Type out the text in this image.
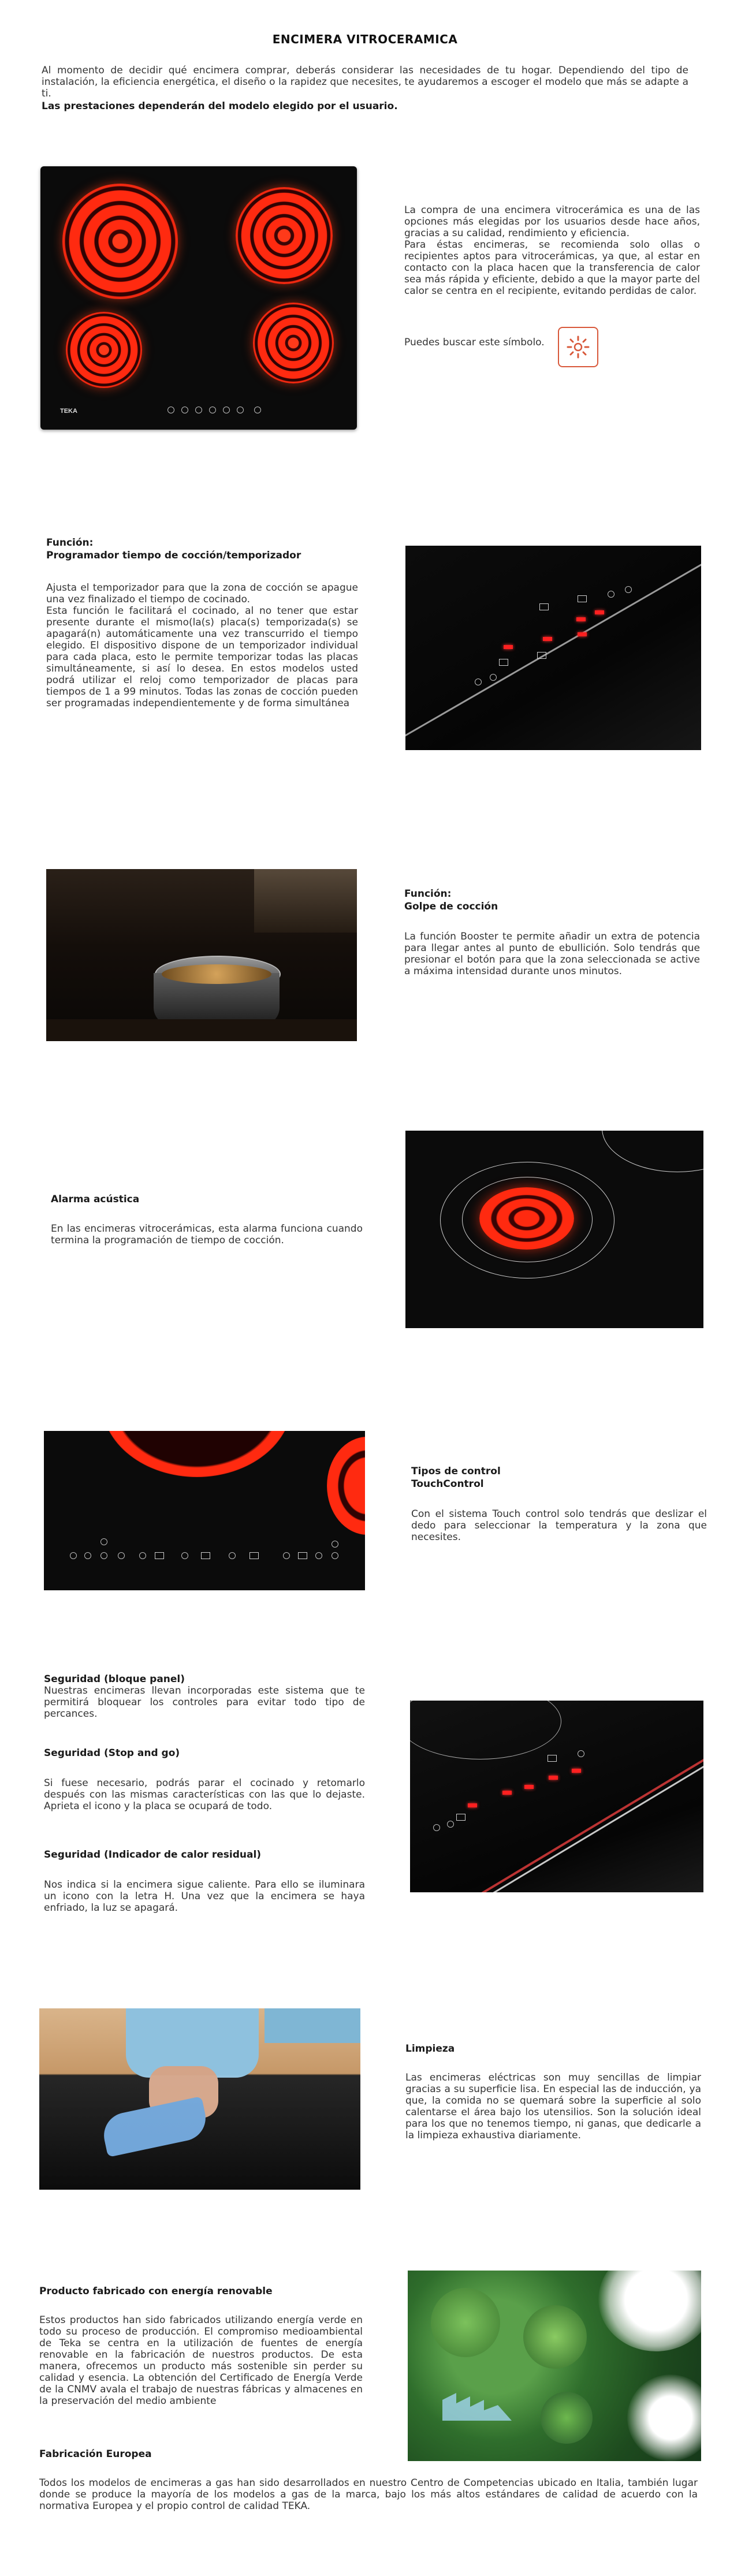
ENCIMERA VITROCERAMICA
Al momento de decidir qué encimera comprar, deberás considerar las necesidades de tu hogar. Dependiendo del tipo de instalación, la eficiencia energética, el diseño o la rapidez que necesites, te ayudaremos a escoger el modelo que más se adapte a ti.
Las prestaciones dependerán del modelo elegido por el usuario.
TEKA
La compra de una encimera vitrocerámica es una de las opciones más elegidas por los usuarios desde hace años, gracias a su calidad, rendimiento y eficiencia.
Para éstas encimeras, se recomienda solo ollas o recipientes aptos para vitrocerámicas, ya que, al estar en contacto con la placa hacen que la transferencia de calor sea más rápida y eficiente, debido a que la mayor parte del calor se centra en el recipiente, evitando perdidas de calor.
Puedes buscar este símbolo.
Función:
Programador tiempo de cocción/temporizador
Ajusta el temporizador para que la zona de cocción se apague una vez finalizado el tiempo de cocinado.
Esta función le facilitará el cocinado, al no tener que estar presente durante el mismo(la(s) placa(s) temporizada(s) se apagará(n) automáticamente una vez transcurrido el tiempo elegido. El dispositivo dispone de un temporizador individual para cada placa, esto le permite temporizar todas las placas simultáneamente, si así lo desea. En estos modelos usted podrá utilizar el reloj como temporizador de placas para tiempos de 1 a 99 minutos. Todas las zonas de cocción pueden ser programadas independientemente y de forma simultánea
Función:
Golpe de cocción
La función Booster te permite añadir un extra de potencia para llegar antes al punto de ebullición. Solo tendrás que presionar el botón para que la zona seleccionada se active a máxima intensidad durante unos minutos.
Alarma acústica
En las encimeras vitrocerámicas, esta alarma funciona cuando termina la programación de tiempo de cocción.
Tipos de control
TouchControl
Con el sistema Touch control solo tendrás que deslizar el dedo para seleccionar la temperatura y la zona que necesites.
Seguridad (bloque panel)
Nuestras encimeras llevan incorporadas este sistema que te permitirá bloquear los controles para evitar todo tipo de percances.
Seguridad (Stop and go)
Si fuese necesario, podrás parar el cocinado y retomarlo después con las mismas características con las que lo dejaste. Aprieta el icono y la placa se ocupará de todo.
Seguridad (Indicador de calor residual)
Nos indica si la encimera sigue caliente. Para ello se iluminara un icono con la letra H. Una vez que la encimera se haya enfriado, la luz se apagará.
Limpieza
Las encimeras eléctricas son muy sencillas de limpiar gracias a su superficie lisa. En especial las de inducción, ya que, la comida no se quemará sobre la superficie al solo calentarse el área bajo los utensilios. Son la solución ideal para los que no tenemos tiempo, ni ganas, que dedicarle a la limpieza exhaustiva diariamente.
Producto fabricado con energía renovable
Estos productos han sido fabricados utilizando energía verde en todo su proceso de producción. El compromiso medioambiental de Teka se centra en la utilización de fuentes de energía renovable en la fabricación de nuestros productos. De esta manera, ofrecemos un producto más sostenible sin perder su calidad y esencia. La obtención del Certificado de Energía Verde de la CNMV avala el trabajo de nuestras fábricas y almacenes en la preservación del medio ambiente
Fabricación Europea
Todos los modelos de encimeras a gas han sido desarrollados en nuestro Centro de Competencias ubicado en Italia, también lugar donde se produce la mayoría de los modelos a gas de la marca, bajo los más altos estándares de calidad de acuerdo con la normativa Europea y el propio control de calidad TEKA.
